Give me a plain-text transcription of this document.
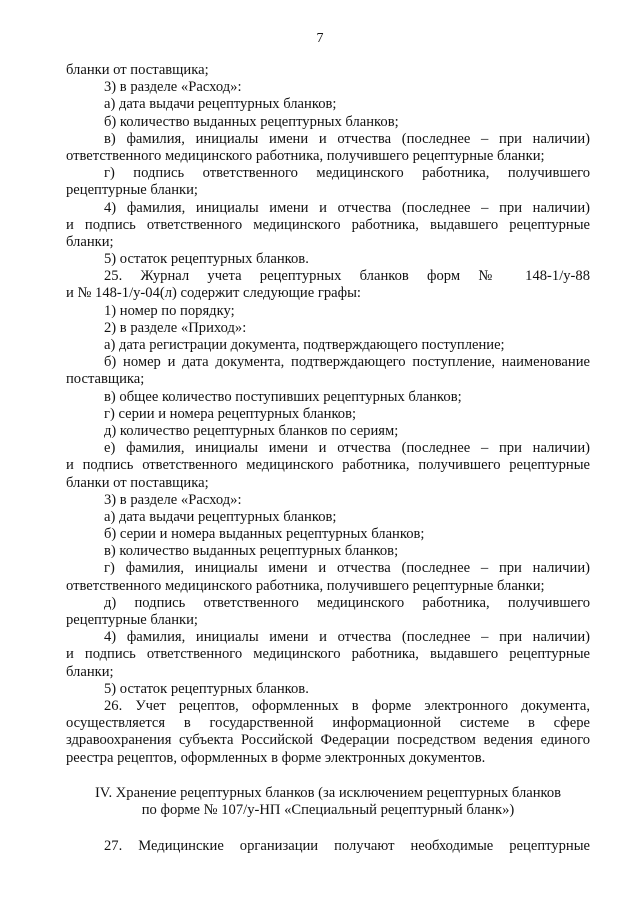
7
бланки от поставщика;
3) в разделе «Расход»:
а) дата выдачи рецептурных бланков;
б) количество выданных рецептурных бланков;
в) фамилия, инициалы имени и отчества (последнее – при наличии)
ответственного медицинского работника, получившего рецептурные бланки;
г) подпись ответственного медицинского работника, получившего
рецептурные бланки;
4) фамилия, инициалы имени и отчества (последнее – при наличии)
и подпись ответственного медицинского работника, выдавшего рецептурные
бланки;
5) остаток рецептурных бланков.
25. Журнал учета рецептурных бланков форм № 148-1/у-88
и № 148-1/у-04(л) содержит следующие графы:
1) номер по порядку;
2) в разделе «Приход»:
а) дата регистрации документа, подтверждающего поступление;
б) номер и дата документа, подтверждающего поступление, наименование
поставщика;
в) общее количество поступивших рецептурных бланков;
г) серии и номера рецептурных бланков;
д) количество рецептурных бланков по сериям;
е) фамилия, инициалы имени и отчества (последнее – при наличии)
и подпись ответственного медицинского работника, получившего рецептурные
бланки от поставщика;
3) в разделе «Расход»:
а) дата выдачи рецептурных бланков;
б) серии и номера выданных рецептурных бланков;
в) количество выданных рецептурных бланков;
г) фамилия, инициалы имени и отчества (последнее – при наличии)
ответственного медицинского работника, получившего рецептурные бланки;
д) подпись ответственного медицинского работника, получившего
рецептурные бланки;
4) фамилия, инициалы имени и отчества (последнее – при наличии)
и подпись ответственного медицинского работника, выдавшего рецептурные
бланки;
5) остаток рецептурных бланков.
26. Учет рецептов, оформленных в форме электронного документа,
осуществляется в государственной информационной системе в сфере
здравоохранения субъекта Российской Федерации посредством ведения единого
реестра рецептов, оформленных в форме электронных документов.
IV. Хранение рецептурных бланков (за исключением рецептурных бланков
по форме № 107/у-НП «Специальный рецептурный бланк»)
27. Медицинские организации получают необходимые рецептурные
